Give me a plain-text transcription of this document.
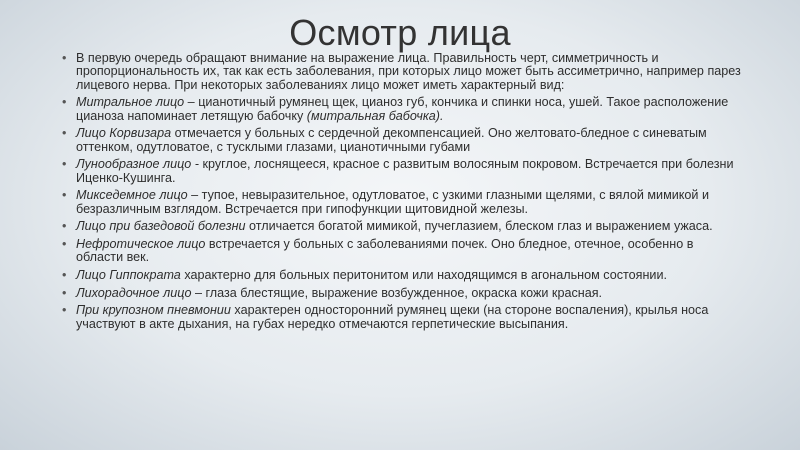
Осмотр лица
• В первую очередь обращают внимание на выражение лица. Правильность черт, симметричность и пропорциональность их, так как есть заболевания, при которых лицо может быть ассиметрично, например парез лицевого нерва. При некоторых заболеваниях лицо может иметь характерный вид:
• Митральное лицо – цианотичный румянец щек, цианоз губ, кончика и спинки носа, ушей. Такое расположение цианоза напоминает летящую бабочку (митральная бабочка).
• Лицо Корвизара отмечается у больных с сердечной декомпенсацией. Оно желтовато-бледное с синеватым оттенком, одутловатое, с тусклыми глазами, цианотичными губами
• Лунообразное лицо - круглое, лоснящееся, красное с развитым волосяным покровом. Встречается при болезни Иценко-Кушинга.
• Микседемное лицо – тупое, невыразительное, одутловатое, с узкими глазными щелями, с вялой мимикой и безразличным взглядом. Встречается при гипофункции щитовидной железы.
• Лицо при базедовой болезни отличается богатой мимикой, пучеглазием, блеском глаз и выражением ужаса.
• Нефротическое лицо встречается у больных с заболеваниями почек. Оно бледное, отечное, особенно в области век.
• Лицо Гиппократа характерно для больных перитонитом или находящимся в агональном состоянии.
• Лихорадочное лицо – глаза блестящие, выражение возбужденное, окраска кожи красная.
• При крупозном пневмонии характерен односторонний румянец щеки (на стороне воспаления), крылья носа участвуют в акте дыхания, на губах нередко отмечаются герпетические высыпания.
